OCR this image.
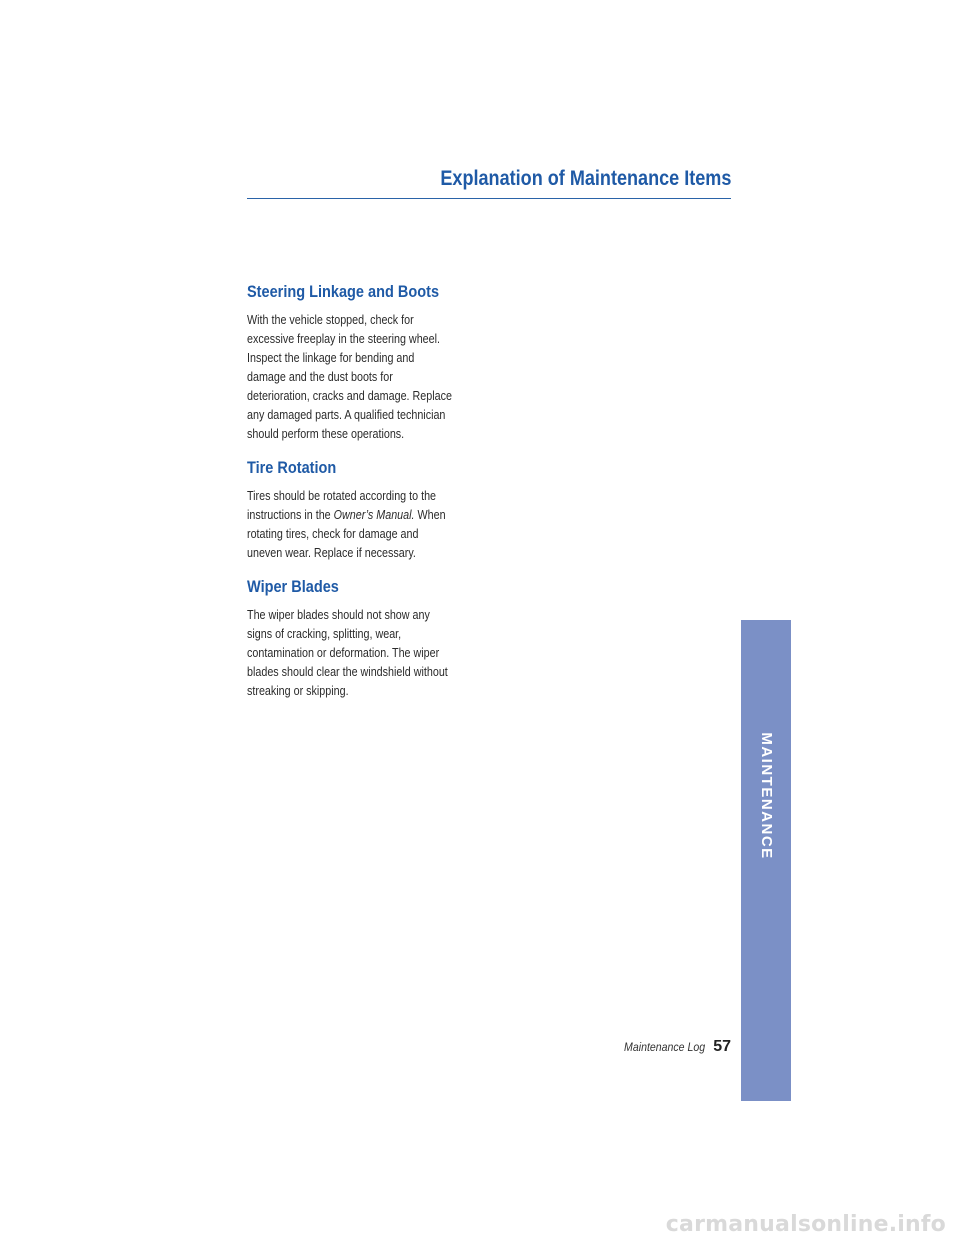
Explanation of Maintenance Items
Steering Linkage and Boots

With the vehicle stopped, check for
excessive freeplay in the steering wheel.
Inspect the linkage for bending and
damage and the dust boots for
deterioration, cracks and damage. Replace
any damaged parts. A qualified technician
should perform these operations.

Tire Rotation

Tires should be rotated according to the
instructions in the Owner’s Manual. When
rotating tires, check for damage and
uneven wear. Replace if necessary.

Wiper Blades

The wiper blades should not show any
signs of cracking, splitting, wear,
contamination or deformation. The wiper
blades should clear the windshield without
streaking or skipping.

MAINTENANCE
Maintenance Log 57
carmanualsonline.info
